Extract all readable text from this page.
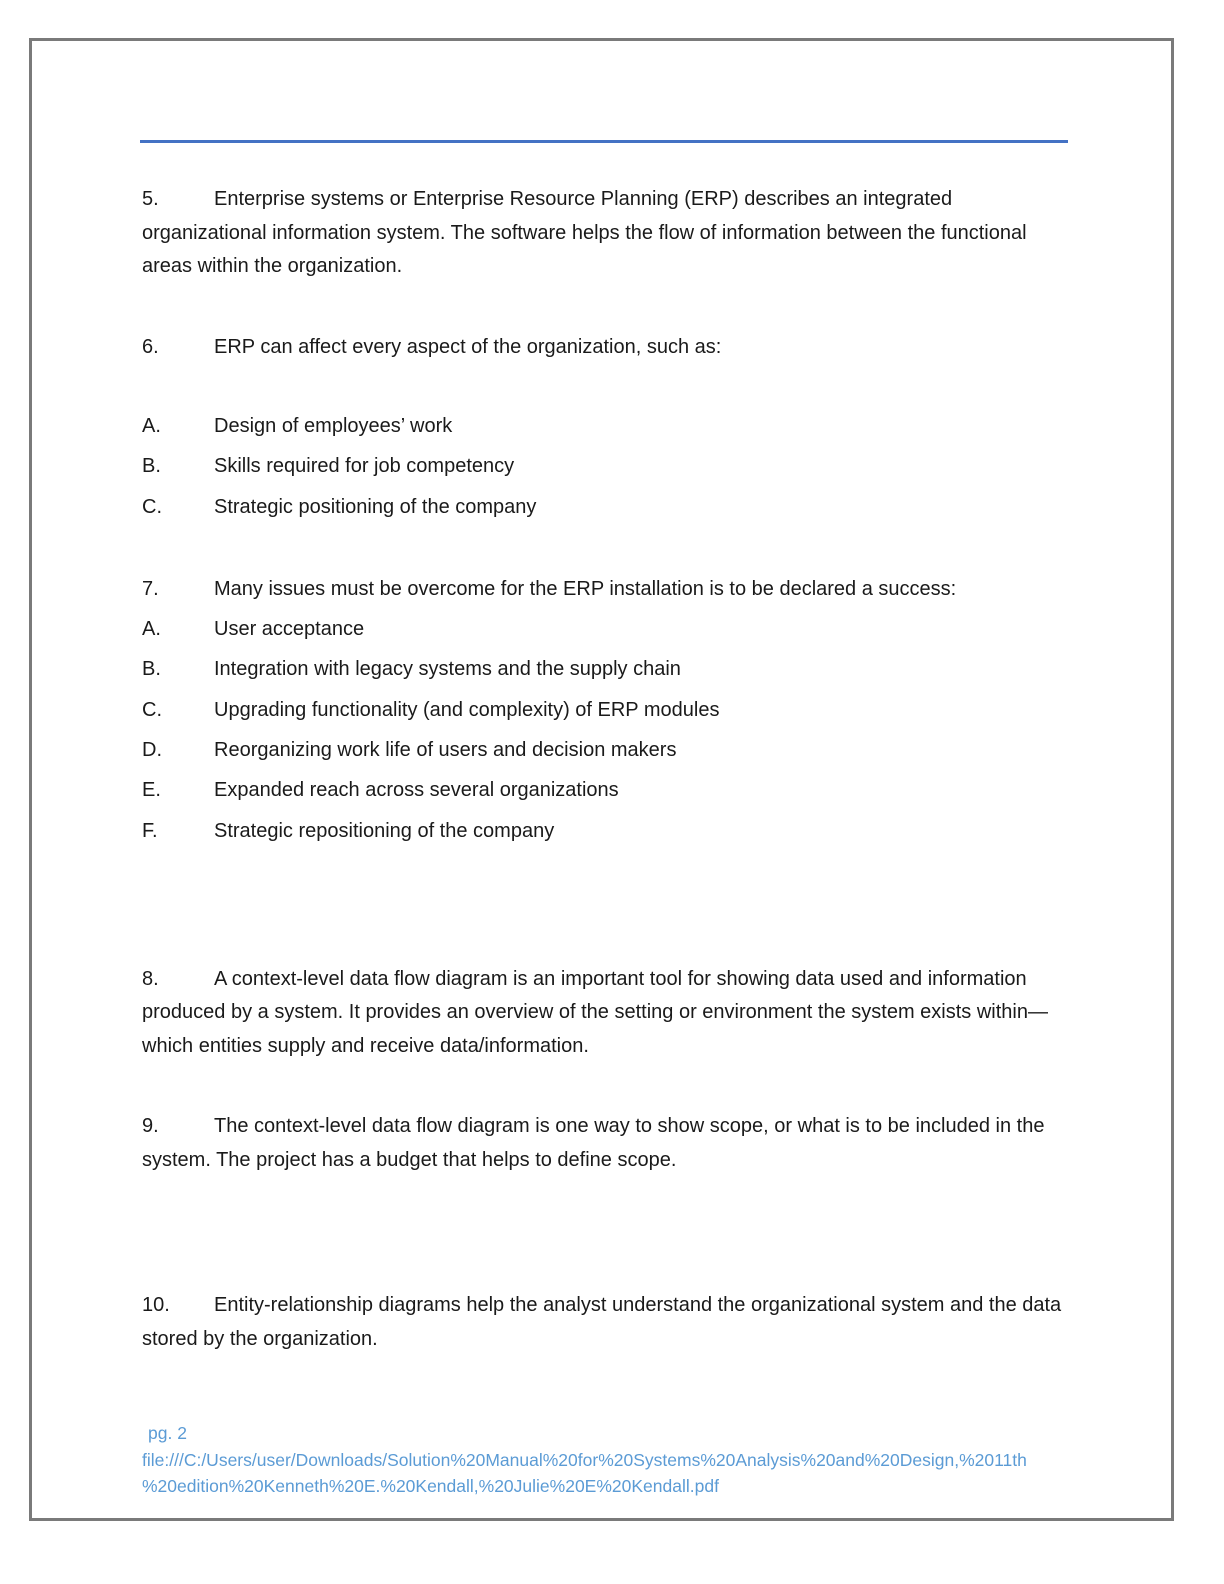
5.	Enterprise systems or Enterprise Resource Planning (ERP) describes an integrated organizational information system. The software helps the flow of information between the functional areas within the organization.

6.	ERP can affect every aspect of the organization, such as:

A.	Design of employees’ work

B.	Skills required for job competency

C.	Strategic positioning of the company

7.	Many issues must be overcome for the ERP installation is to be declared a success:

A.	User acceptance

B.	Integration with legacy systems and the supply chain

C.	Upgrading functionality (and complexity) of ERP modules

D.	Reorganizing work life of users and decision makers

E.	Expanded reach across several organizations

F.	Strategic repositioning of the company

8.	A context-level data flow diagram is an important tool for showing data used and information produced by a system. It provides an overview of the setting or environment the system exists within—which entities supply and receive data/information.

9.	The context-level data flow diagram is one way to show scope, or what is to be included in the system. The project has a budget that helps to define scope.

10. Entity-relationship diagrams help the analyst understand the organizational system and the data stored by the organization.

pg. 2
file:///C:/Users/user/Downloads/Solution%20Manual%20for%20Systems%20Analysis%20and%20Design,%2011th
%20edition%20Kenneth%20E.%20Kendall,%20Julie%20E%20Kendall.pdf
